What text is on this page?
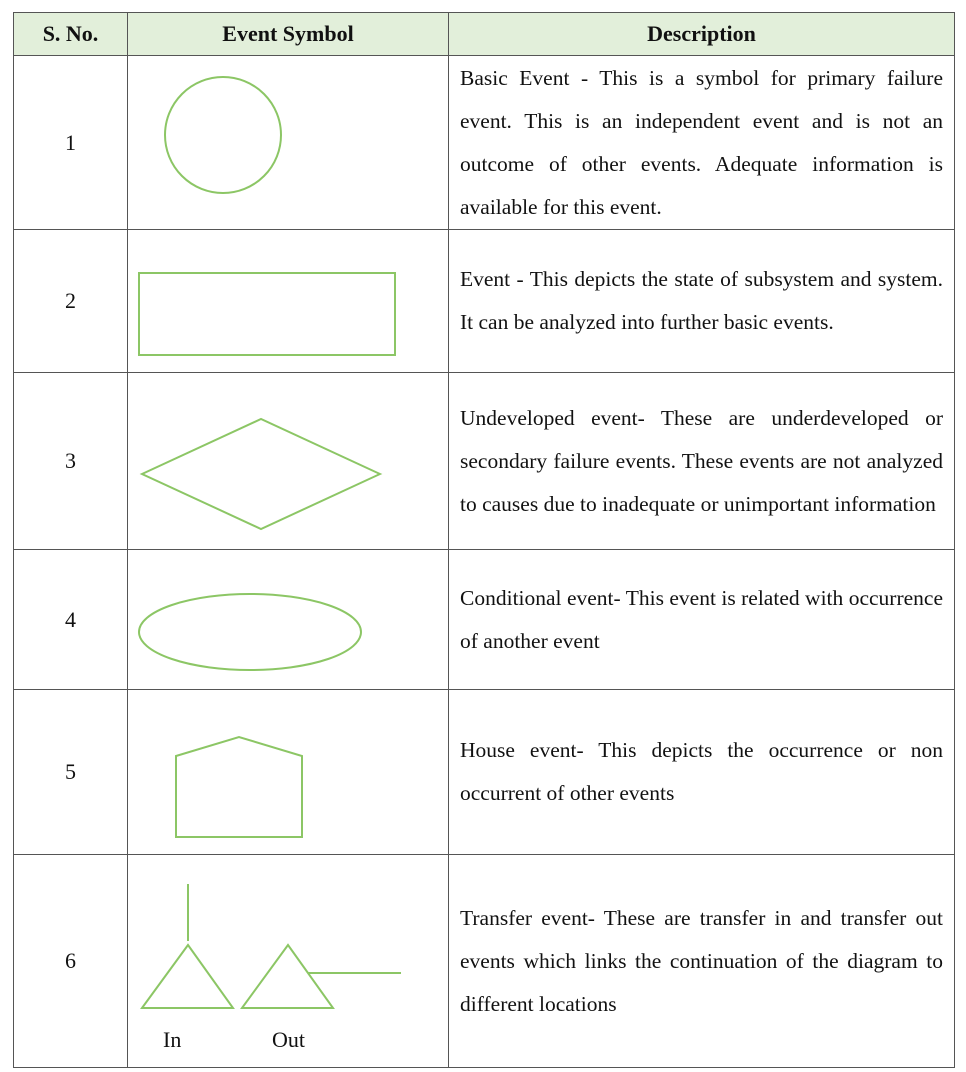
S. No.	Event Symbol	Description
1		Basic Event - This is a symbol for primary failure event. This is an independent event and is not an outcome of other events. Adequate information is available for this event.
2		Event - This depicts the state of subsystem and system. It can be analyzed into further basic events.
3		Undeveloped event- These are underdeveloped or secondary failure events. These events are not analyzed to causes due to inadequate or unimportant information
4		Conditional event- This event is related with occurrence of another event
5		House event- This depicts the occurrence or non occurrent of other events
6	In Out	Transfer event- These are transfer in and transfer out events which links the continuation of the diagram to different locations
